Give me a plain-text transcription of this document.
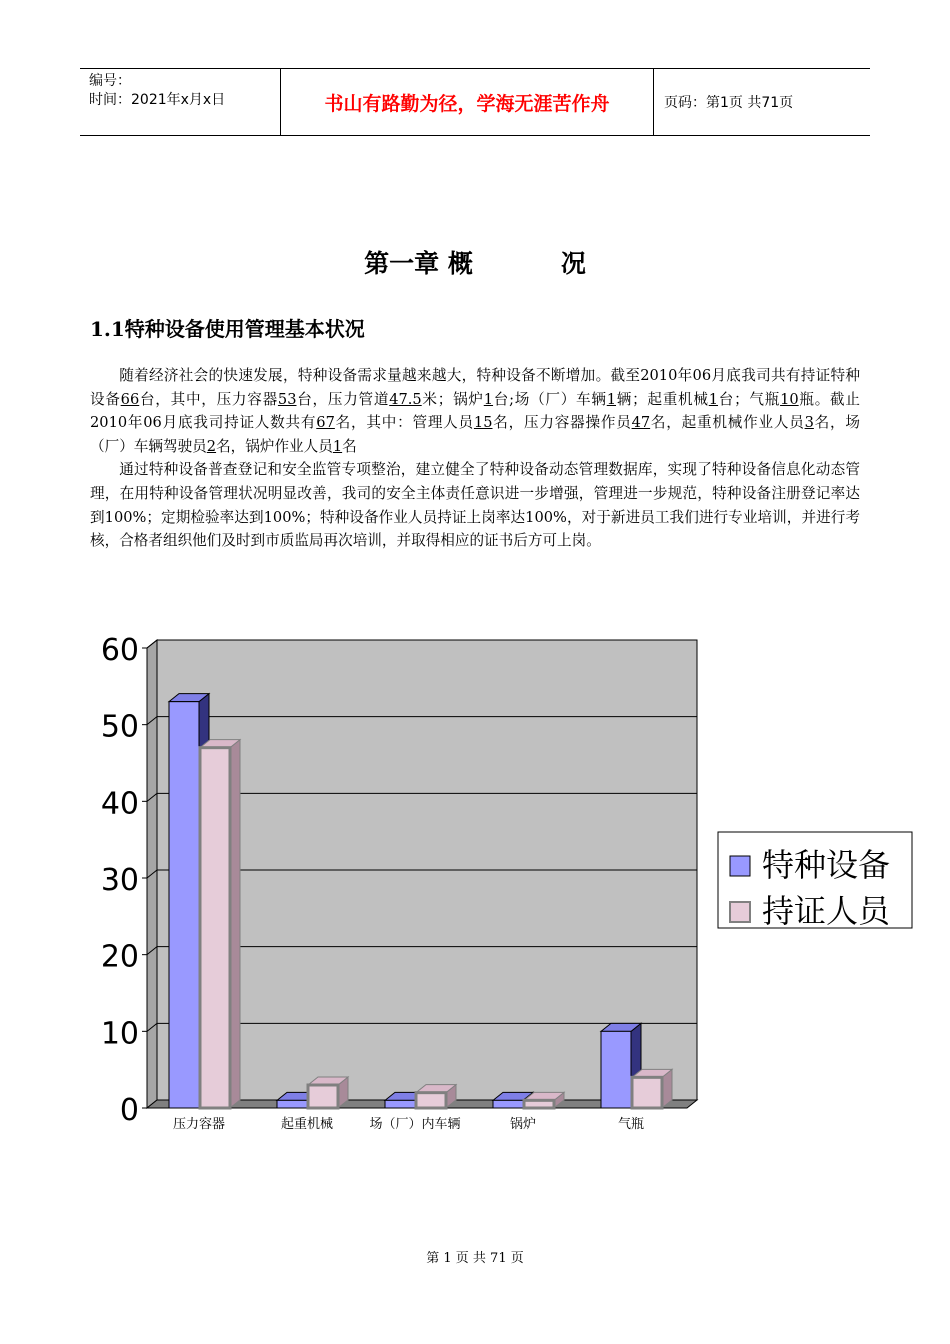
编号：
时间：2021年x月x日	书山有路勤为径，学海无涯苦作舟	页码：第1页 共71页
第一章 概	况
1.1特种设备使用管理基本状况

随着经济社会的快速发展，特种设备需求量越来越大，特种设备不断增加。截至2010年06月底我司共有持证特种设备66台，其中，压力容器53台，压力管道47.5米；锅炉1台;场（厂）车辆1辆；起重机械1台；气瓶10瓶。截止2010年06月底我司持证人数共有67名，其中：管理人员15名，压力容器操作员47名，起重机械作业人员3名，场（厂）车辆驾驶员2名，锅炉作业人员1名

通过特种设备普查登记和安全监管专项整治，建立健全了特种设备动态管理数据库，实现了特种设备信息化动态管理，在用特种设备管理状况明显改善，我司的安全主体责任意识进一步增强，管理进一步规范，特种设备注册登记率达到100%；定期检验率达到100%；特种设备作业人员持证上岗率达100%，对于新进员工我们进行专业培训，并进行考核，合格者组织他们及时到市质监局再次培训，并取得相应的证书后方可上岗。

0
10
20
30
40
50
60
压力容器	起重机械	场（厂）内车辆	锅炉	气瓶
特种设备
持证人员
第 1 页 共 71 页
